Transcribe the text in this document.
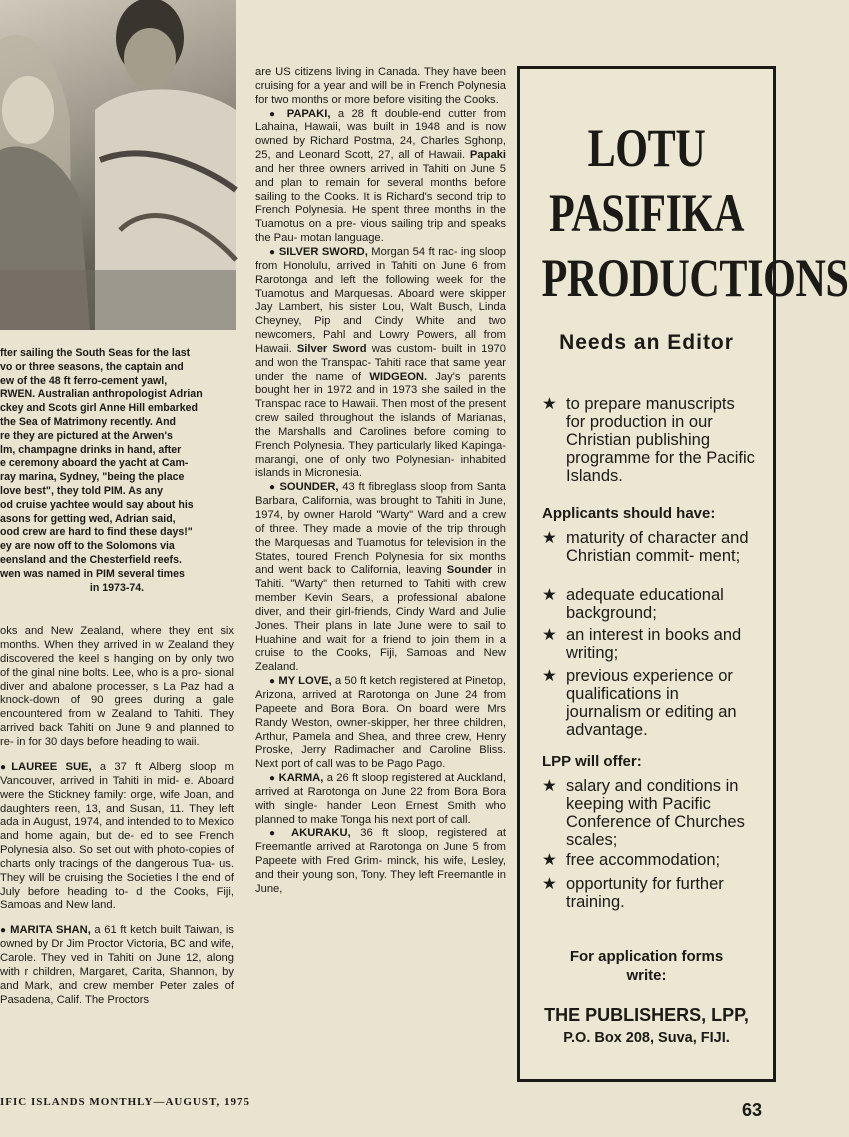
fter sailing the South Seas for the last
vo or three seasons, the captain and
ew of the 48 ft ferro-cement yawl,
RWEN. Australian anthropologist Adrian
ckey and Scots girl Anne Hill embarked
the Sea of Matrimony recently. And
re they are pictured at the Arwen's
lm, champagne drinks in hand, after
e ceremony aboard the yacht at Cam-
ray marina, Sydney, "being the place
love best", they told PIM. As any
od cruise yachtee would say about his
asons for getting wed, Adrian said,
ood crew are hard to find these days!"
ey are now off to the Solomons via
eensland and the Chesterfield reefs.
wen was named in PIM several times
in 1973-74.

oks and New Zealand, where they ent six months. When they arrived in w Zealand they discovered the keel s hanging on by only two of the ginal nine bolts. Lee, who is a pro- sional diver and abalone processer, s La Paz had a knock-down of 90 grees during a gale encountered from w Zealand to Tahiti. They arrived back Tahiti on June 9 and planned to re- in for 30 days before heading to waii.

●LAUREE SUE, a 37 ft Alberg sloop m Vancouver, arrived in Tahiti in mid- e. Aboard were the Stickney family: orge, wife Joan, and daughters reen, 13, and Susan, 11. They left ada in August, 1974, and intended to to Mexico and home again, but de- ed to see French Polynesia also. So set out with photo-copies of charts only tracings of the dangerous Tua- us. They will be cruising the Societies l the end of July before heading to- d the Cooks, Fiji, Samoas and New land.

● MARITA SHAN, a 61 ft ketch built Taiwan, is owned by Dr Jim Proctor Victoria, BC and wife, Carole. They ved in Tahiti on June 12, along with r children, Margaret, Carita, Shannon, by and Mark, and crew member Peter zales of Pasadena, Calif. The Proctors

are US citizens living in Canada. They have been cruising for a year and will be in French Polynesia for two months or more before visiting the Cooks.

● PAPAKI, a 28 ft double-end cutter from Lahaina, Hawaii, was built in 1948 and is now owned by Richard Postma, 24, Charles Sghonp, 25, and Leonard Scott, 27, all of Hawaii. Papaki and her three owners arrived in Tahiti on June 5 and plan to remain for several months before sailing to the Cooks. It is Richard's second trip to French Polynesia. He spent three months in the Tuamotus on a pre- vious sailing trip and speaks the Pau- motan language.

● SILVER SWORD, Morgan 54 ft rac- ing sloop from Honolulu, arrived in Tahiti on June 6 from Rarotonga and left the following week for the Tuamotus and Marquesas. Aboard were skipper Jay Lambert, his sister Lou, Walt Busch, Linda Cheyney, Pip and Cindy White and two newcomers, Pahl and Lowry Powers, all from Hawaii. Silver Sword was custom- built in 1970 and won the Transpac- Tahiti race that same year under the name of WIDGEON. Jay's parents bought her in 1972 and in 1973 she sailed in the Transpac race to Hawaii. Then most of the present crew sailed throughout the islands of Marianas, the Marshalls and Carolines before coming to French Polynesia. They particularly liked Kapinga- marangi, one of only two Polynesian- inhabited islands in Micronesia.

● SOUNDER, 43 ft fibreglass sloop from Santa Barbara, California, was brought to Tahiti in June, 1974, by owner Harold "Warty" Ward and a crew of three. They made a movie of the trip through the Marquesas and Tuamotus for television in the States, toured French Polynesia for six months and went back to California, leaving Sounder in Tahiti. "Warty" then returned to Tahiti with crew member Kevin Sears, a professional abalone diver, and their girl-friends, Cindy Ward and Julie Jones. Their plans in late June were to sail to Huahine and wait for a friend to join them in a cruise to the Cooks, Fiji, Samoas and New Zealand.

● MY LOVE, a 50 ft ketch registered at Pinetop, Arizona, arrived at Rarotonga on June 24 from Papeete and Bora Bora. On board were Mrs Randy Weston, owner-skipper, her three children, Arthur, Pamela and Shea, and three crew, Henry Proske, Jerry Radimacher and Caroline Bliss. Next port of call was to be Pago Pago.

● KARMA, a 26 ft sloop registered at Auckland, arrived at Rarotonga on June 22 from Bora Bora with single- hander Leon Ernest Smith who planned to make Tonga his next port of call.

● AKURAKU, 36 ft sloop, registered at Freemantle arrived at Rarotonga on June 5 from Papeete with Fred Grim- minck, his wife, Lesley, and their young son, Tony. They left Freemantle in June,

LOTU
PASIFIKA
PRODUCTIONS
Needs an Editor
★ to prepare manuscripts for production in our Christian publishing programme for the Pacific Islands.
Applicants should have:
★ maturity of character and Christian commit- ment;
★ adequate educational background;
★ an interest in books and writing;
★ previous experience or qualifications in journalism or editing an advantage.
LPP will offer:
★ salary and conditions in keeping with Pacific Conference of Churches scales;
★ free accommodation;
★ opportunity for further training.
For application forms
write:
THE PUBLISHERS, LPP,
P.O. Box 208, Suva, FIJI.
IFIC ISLANDS MONTHLY—AUGUST, 1975	63
